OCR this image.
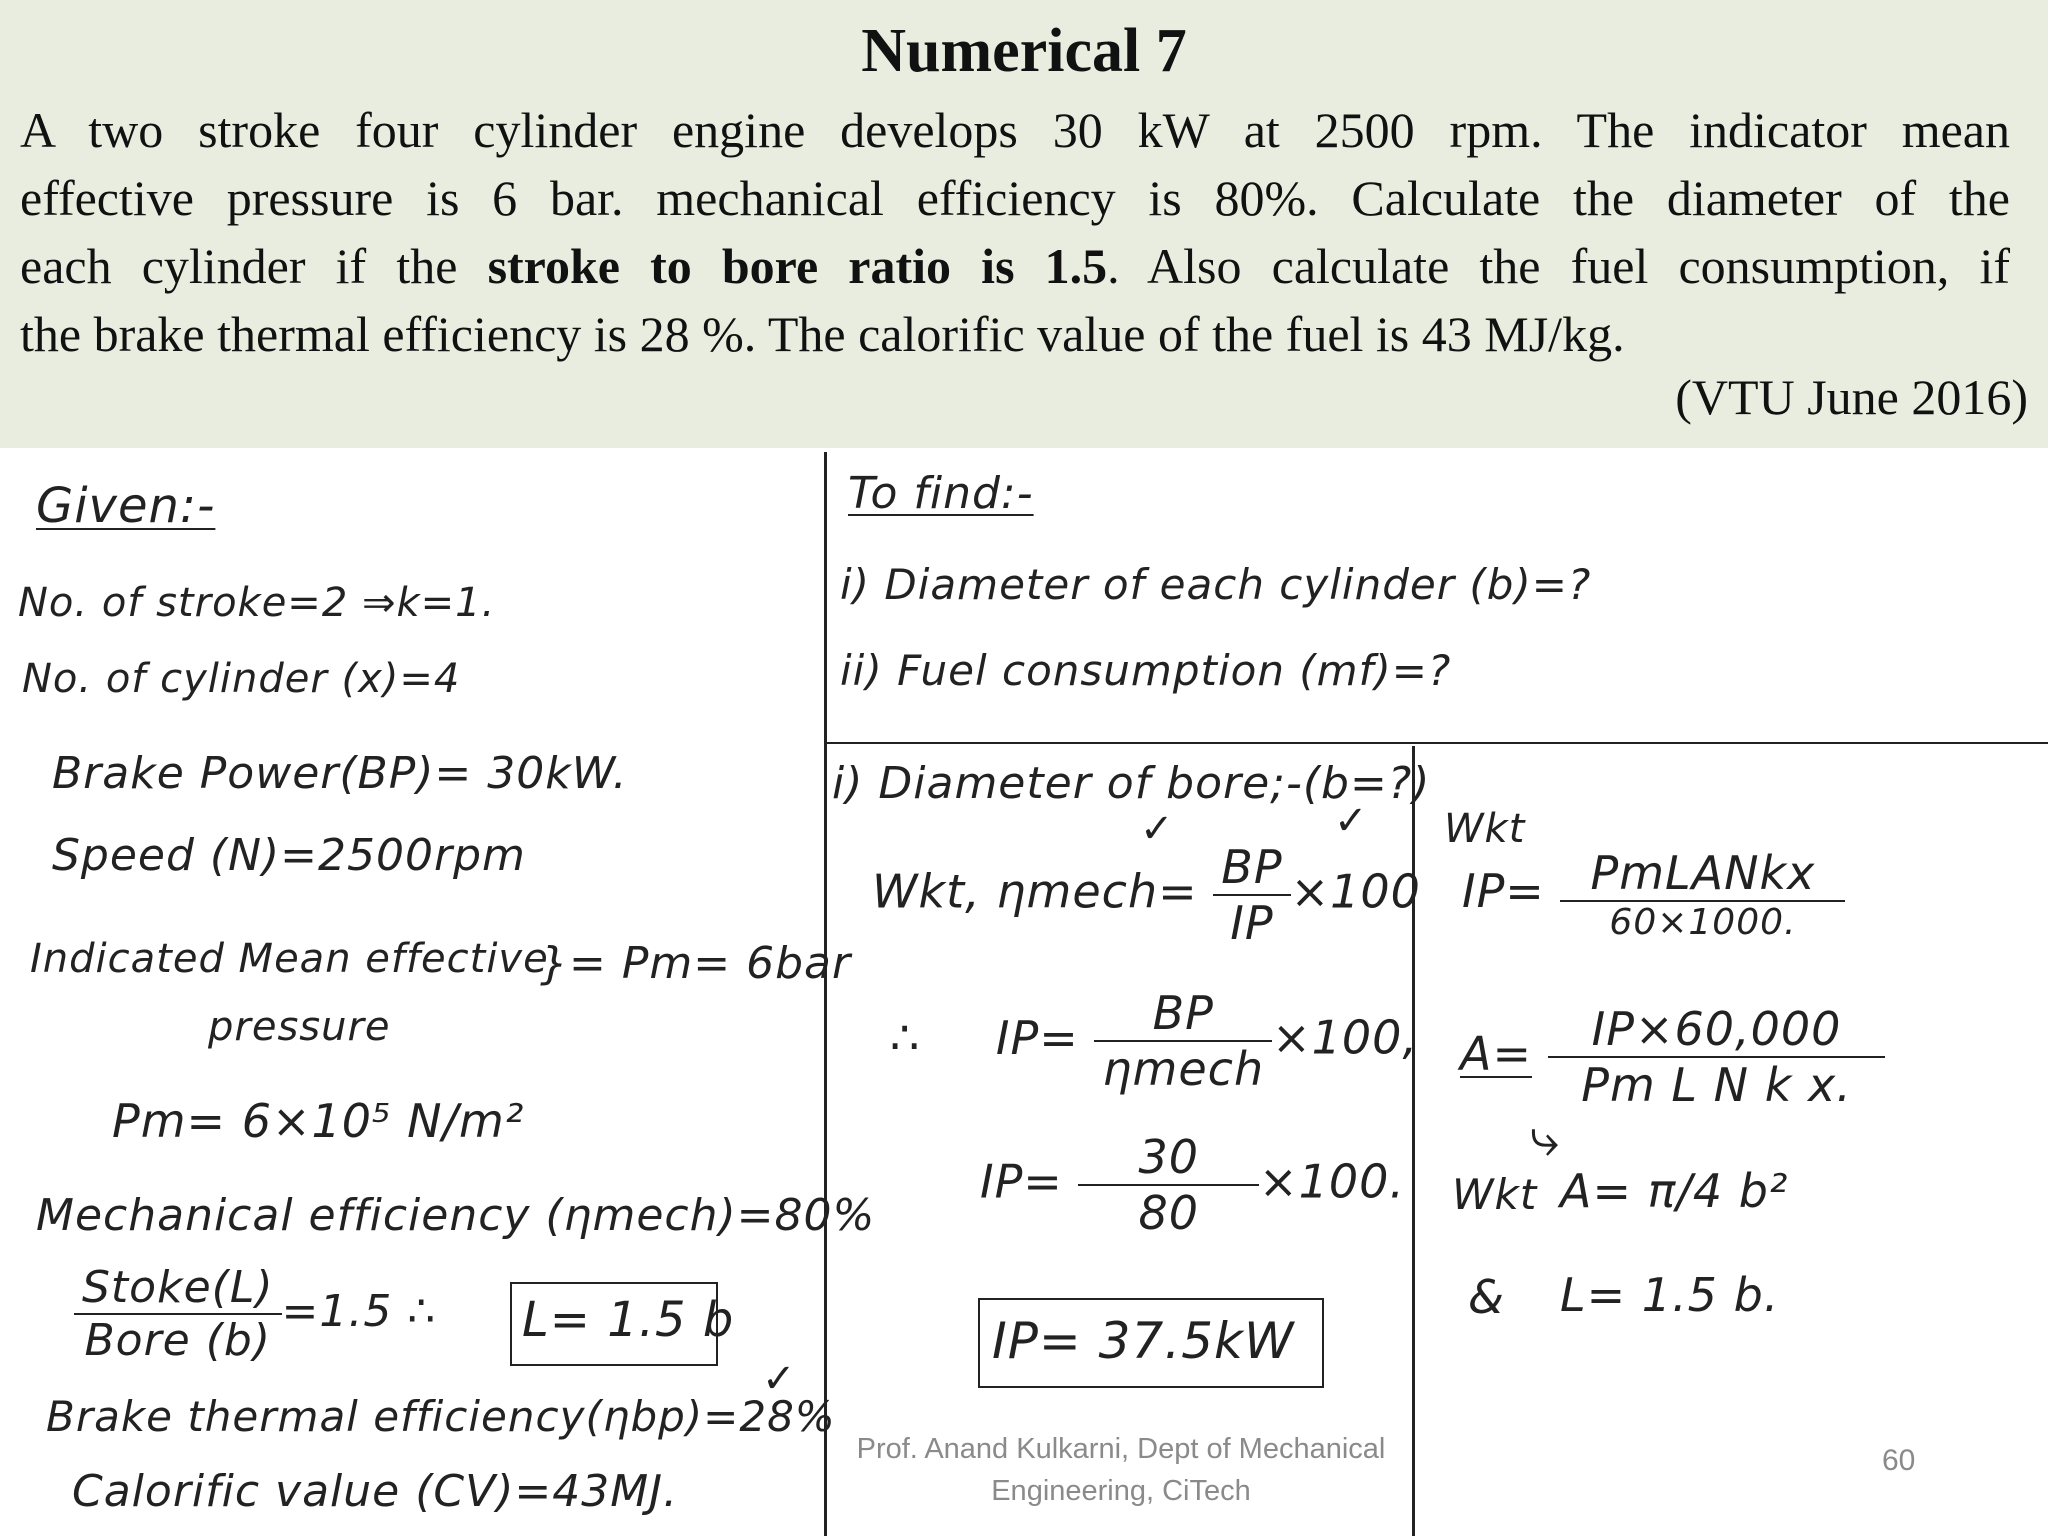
Numerical 7
A two stroke four cylinder engine develops 30 kW at 2500 rpm. The indicator mean
effective pressure is 6 bar. mechanical efficiency is 80%. Calculate the diameter of the
each cylinder if the stroke to bore ratio is 1.5. Also calculate the fuel consumption, if
the brake thermal efficiency is 28 %. The calorific value of the fuel is 43 MJ/kg.
(VTU June 2016)
Given:-
No. of stroke=2 ⇒k=1.
No. of cylinder (x)=4
Brake Power(BP)= 30kW.
Speed (N)=2500rpm
Indicated Mean effective
}= Pm= 6bar
pressure
Pm= 6×10⁵ N/m²
Mechanical efficiency (ηmech)=80%
$\frac{\text{Stoke(L)}}{\text{Bore (b)}} =1.5$ ∴ L= 1.5 b
✓
Brake thermal efficiency(ηbp)=28%
Calorific value (CV)=43MJ.
To find:-
i) Diameter of each cylinder (b)=?
ii) Fuel consumption (mf)=?
i) Diameter of bore;-(b=?)
✓	✓
Wkt, ηmech= $\frac{BP}{IP} \times 100$
∴ $IP= \frac{BP}{\text{ηmech}} \times 100$,
$IP= \frac{30}{80} \times 100$.
IP= 37.5kW
Wkt
$IP= \frac{\text{PmLANkx}}{60\times 1000.}$
$A= \frac{IP\times 60,000}{\text{Pm L N k x.}}$
⤷
Wkt A= π/4 b²
& L= 1.5 b.
Prof. Anand Kulkarni, Dept of Mechanical
Engineering, CiTech
60
